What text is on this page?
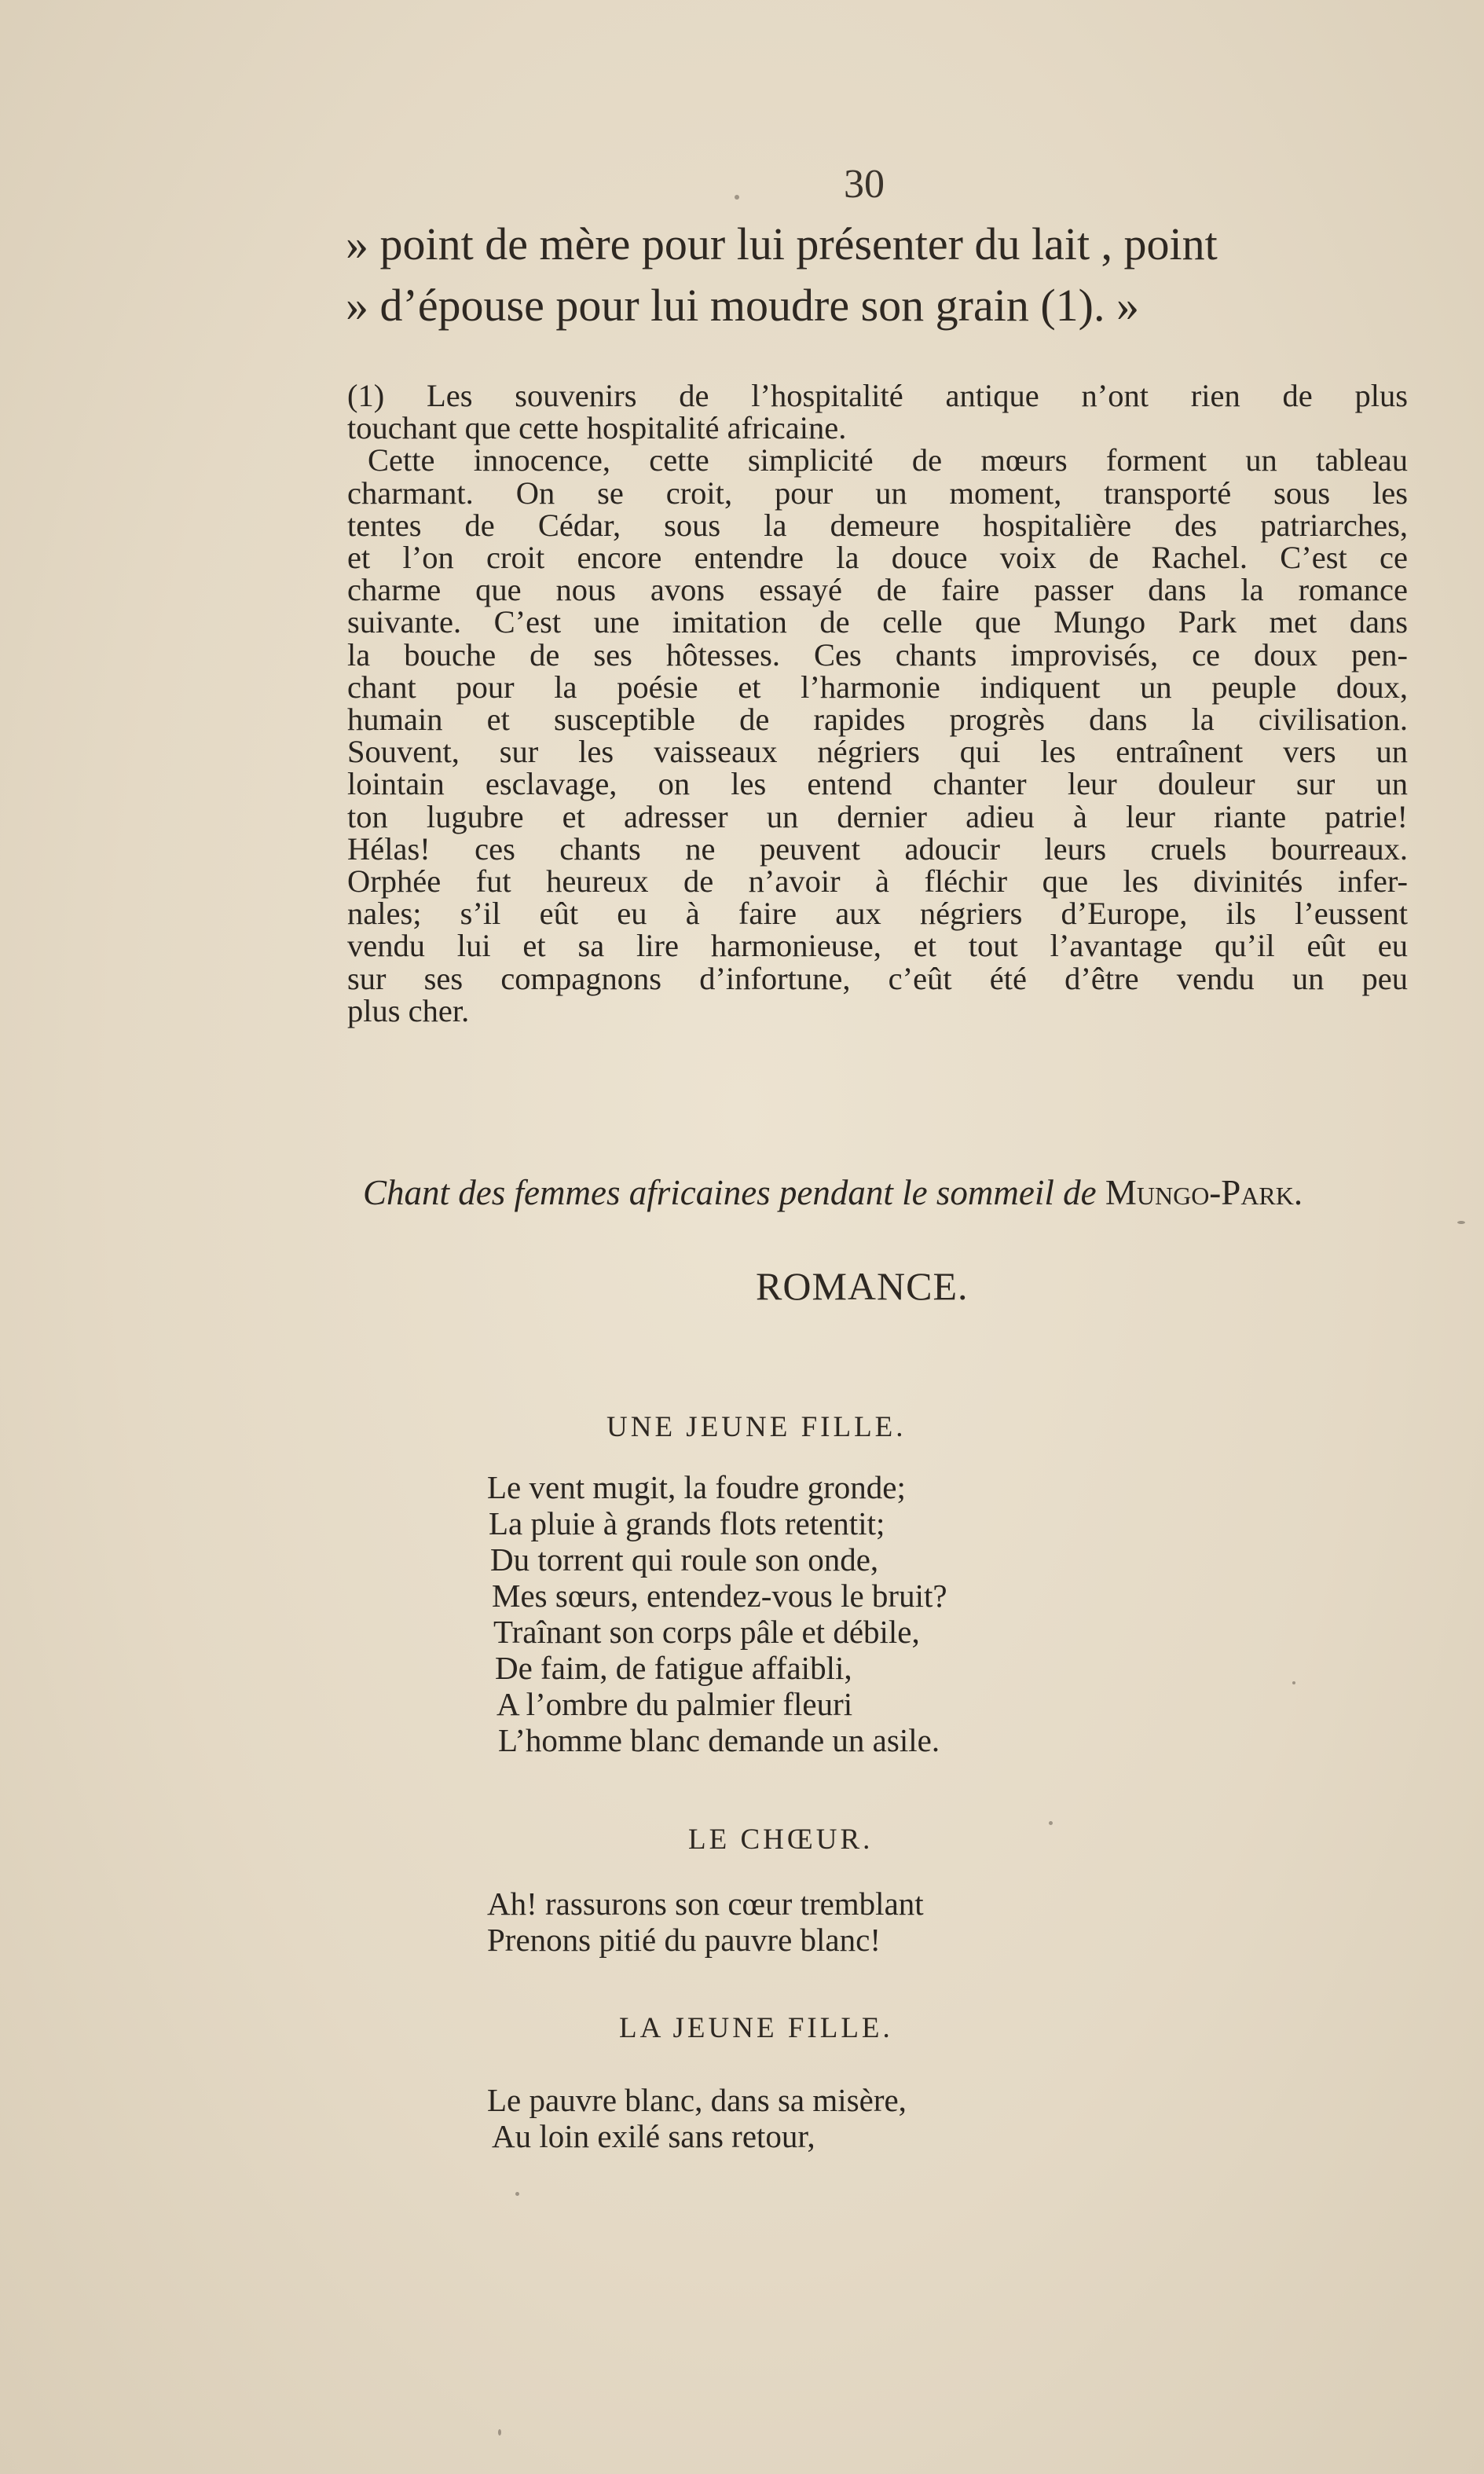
30
» point de mère pour lui présenter du lait , point
» d’épouse pour lui moudre son grain (1). »
(1) Les souvenirs de l’hospitalité antique n’ont rien de plus
touchant que cette hospitalité africaine.
Cette innocence, cette simplicité de mœurs forment un tableau
charmant. On se croit, pour un moment, transporté sous les
tentes de Cédar, sous la demeure hospitalière des patriarches,
et l’on croit encore entendre la douce voix de Rachel. C’est ce
charme que nous avons essayé de faire passer dans la romance
suivante. C’est une imitation de celle que Mungo Park met dans
la bouche de ses hôtesses. Ces chants improvisés, ce doux pen-
chant pour la poésie et l’harmonie indiquent un peuple doux,
humain et susceptible de rapides progrès dans la civilisation.
Souvent, sur les vaisseaux négriers qui les entraînent vers un
lointain esclavage, on les entend chanter leur douleur sur un
ton lugubre et adresser un dernier adieu à leur riante patrie!
Hélas! ces chants ne peuvent adoucir leurs cruels bourreaux.
Orphée fut heureux de n’avoir à fléchir que les divinités infer-
nales; s’il eût eu à faire aux négriers d’Europe, ils l’eussent
vendu lui et sa lire harmonieuse, et tout l’avantage qu’il eût eu
sur ses compagnons d’infortune, c’eût été d’être vendu un peu
plus cher.
Chant des femmes africaines pendant le sommeil de Mungo-Park.
ROMANCE.
UNE JEUNE FILLE.
Le vent mugit, la foudre gronde;
La pluie à grands flots retentit;
Du torrent qui roule son onde,
Mes sœurs, entendez-vous le bruit?
Traînant son corps pâle et débile,
De faim, de fatigue affaibli,
A l’ombre du palmier fleuri
L’homme blanc demande un asile.
LE CHŒUR.
Ah! rassurons son cœur tremblant
Prenons pitié du pauvre blanc!
LA JEUNE FILLE.
Le pauvre blanc, dans sa misère,
Au loin exilé sans retour,
